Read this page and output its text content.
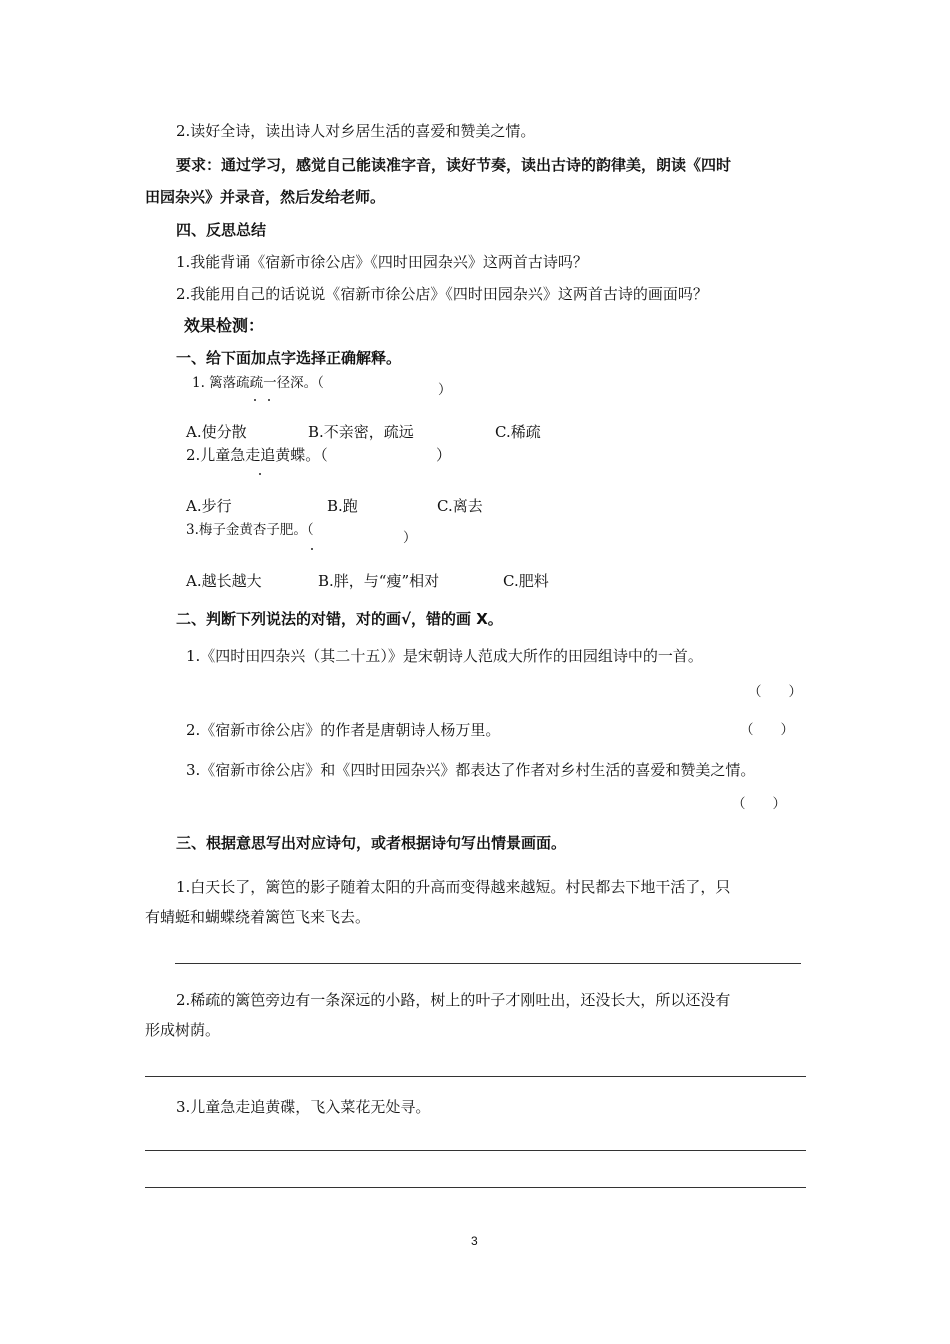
2.读好全诗，读出诗人对乡居生活的喜爱和赞美之情。
要求：通过学习，感觉自己能读准字音，读好节奏，读出古诗的韵律美，朗读《四时
田园杂兴》并录音，然后发给老师。
四、反思总结
1.我能背诵《宿新市徐公店》《四时田园杂兴》这两首古诗吗？
2.我能用自己的话说说《宿新市徐公店》《四时田园杂兴》这两首古诗的画面吗？
效果检测：
一、给下面加点字选择正确解释。
1. 篱落疏疏一径深。（	）
A.使分散	B.不亲密，疏远	C.稀疏
2.儿童急走追黄蝶。（	）
A.步行	B.跑	C.离去
3.梅子金黄杏子肥。（	）
A.越长越大	B.胖，与“瘦”相对	C.肥料
二、判断下列说法的对错，对的画√，错的画 X。
1.《四时田四杂兴（其二十五）》是宋朝诗人范成大所作的田园组诗中的一首。
（　　）
2.《宿新市徐公店》的作者是唐朝诗人杨万里。	（　　）
3.《宿新市徐公店》和《四时田园杂兴》都表达了作者对乡村生活的喜爱和赞美之情。
（　　）
三、根据意思写出对应诗句，或者根据诗句写出情景画面。
1.白天长了，篱笆的影子随着太阳的升高而变得越来越短。村民都去下地干活了，只
有蜻蜓和蝴蝶绕着篱笆飞来飞去。
2.稀疏的篱笆旁边有一条深远的小路，树上的叶子才刚吐出，还没长大，所以还没有
形成树荫。
3.儿童急走追黄碟，飞入菜花无处寻。
3
